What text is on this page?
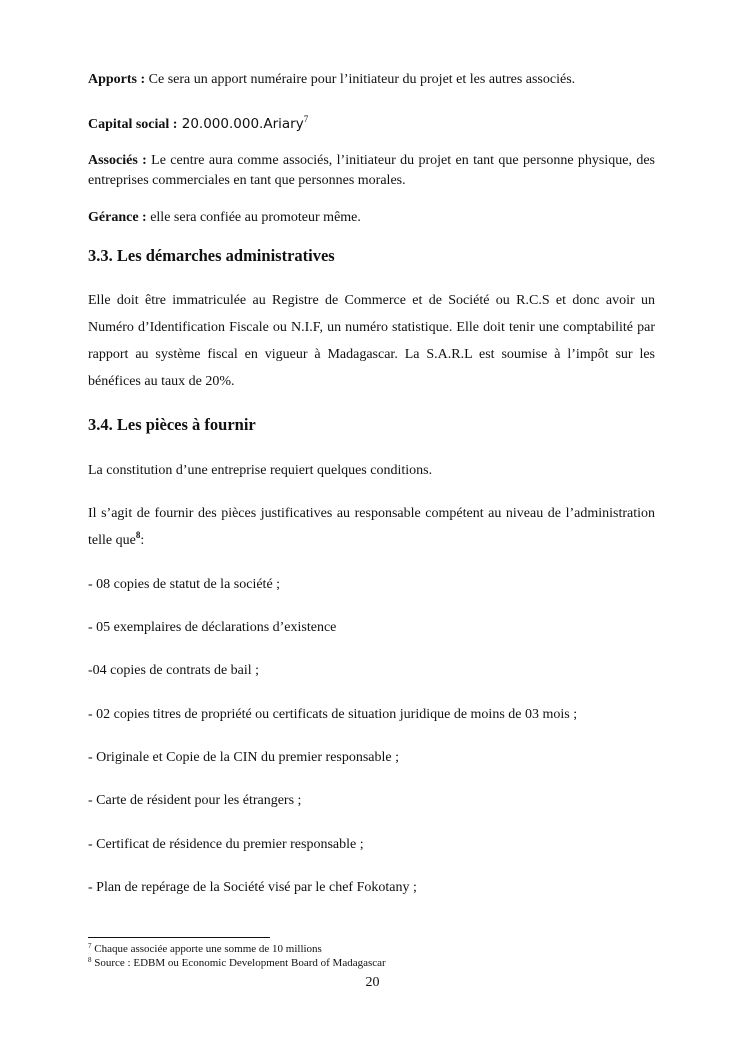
Apports : Ce sera un apport numéraire pour l’initiateur du projet et les autres associés.
Capital social : 20.000.000.Ariary$^7$
Associés : Le centre aura comme associés, l’initiateur du projet en tant que personne physique, des entreprises commerciales en tant que personnes morales.
Gérance : elle sera confiée au promoteur même.
3.3. Les démarches administratives
Elle doit être immatriculée au Registre de Commerce et de Société ou R.C.S et donc avoir un Numéro d’Identification Fiscale ou N.I.F, un numéro statistique. Elle doit tenir une comptabilité par rapport au système fiscal en vigueur à Madagascar. La S.A.R.L est soumise à l’impôt sur les bénéfices au taux de 20%.
3.4. Les pièces à fournir
La constitution d’une entreprise requiert quelques conditions.
Il s’agit de fournir des pièces justificatives au responsable compétent au niveau de l’administration telle que$^8$:
- 08 copies de statut de la société ;
- 05 exemplaires de déclarations d’existence
-04 copies de contrats de bail ;
- 02 copies titres de propriété ou certificats de situation juridique de moins de 03 mois ;
- Originale et Copie de la CIN du premier responsable ;
- Carte de résident pour les étrangers ;
- Certificat de résidence du premier responsable ;
- Plan de repérage de la Société visé par le chef Fokotany ;
$^7$ Chaque associée apporte une somme de 10 millions
$^8$ Source : EDBM ou Economic Development Board of Madagascar
20
